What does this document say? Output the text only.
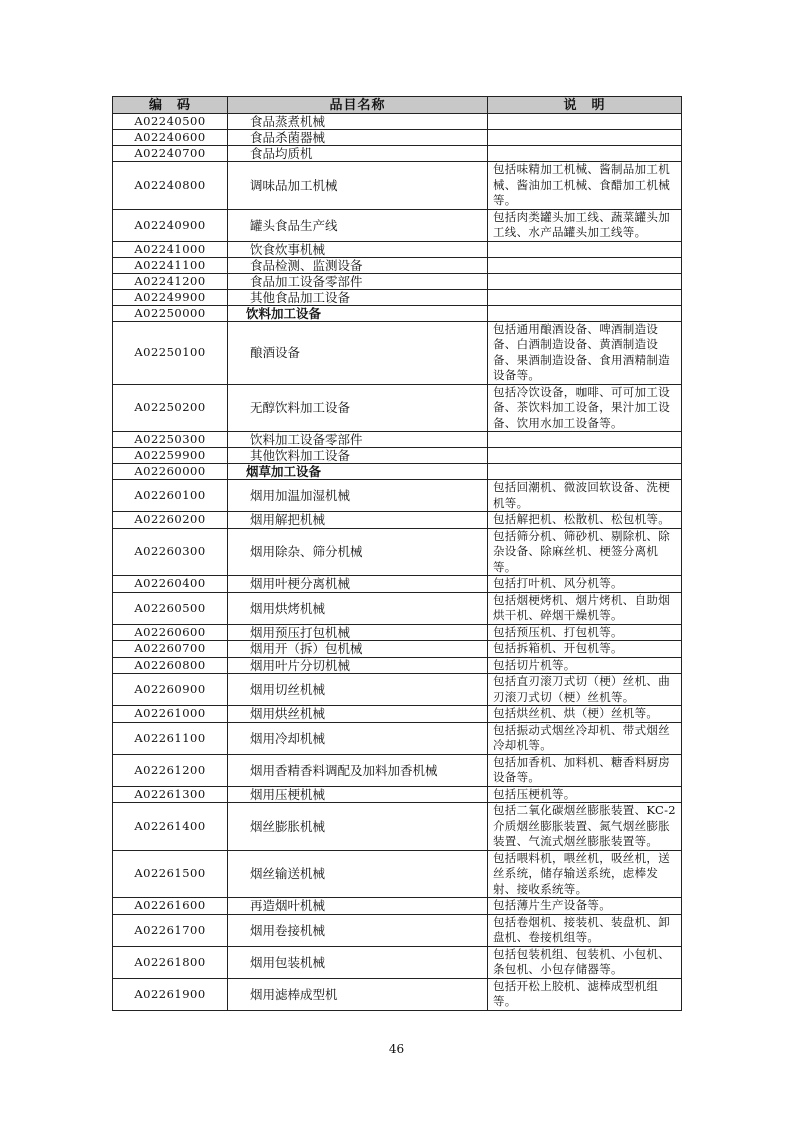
编　码	品目名称	说　明
A02240500	食品蒸煮机械	
A02240600	食品杀菌器械	
A02240700	食品均质机	
A02240800	调味品加工机械	包括味精加工机械、酱制品加工机械、酱油加工机械、食醋加工机械等。
A02240900	罐头食品生产线	包括肉类罐头加工线、蔬菜罐头加工线、水产品罐头加工线等。
A02241000	饮食炊事机械	
A02241100	食品检测、监测设备	
A02241200	食品加工设备零部件	
A02249900	其他食品加工设备	
A02250000	饮料加工设备	
A02250100	酿酒设备	包括通用酿酒设备、啤酒制造设备、白酒制造设备、黄酒制造设备、果酒制造设备、食用酒精制造设备等。
A02250200	无醇饮料加工设备	包括冷饮设备，咖啡、可可加工设备、茶饮料加工设备，果汁加工设备、饮用水加工设备等。
A02250300	饮料加工设备零部件	
A02259900	其他饮料加工设备	
A02260000	烟草加工设备	
A02260100	烟用加温加湿机械	包括回潮机、微波回软设备、洗梗机等。
A02260200	烟用解把机械	包括解把机、松散机、松包机等。
A02260300	烟用除杂、筛分机械	包括筛分机、筛砂机、剔除机、除杂设备、除麻丝机、梗签分离机等。
A02260400	烟用叶梗分离机械	包括打叶机、风分机等。
A02260500	烟用烘烤机械	包括烟梗烤机、烟片烤机、自助烟烘干机、碎烟干燥机等。
A02260600	烟用预压打包机械	包括预压机、打包机等。
A02260700	烟用开（拆）包机械	包括拆箱机、开包机等。
A02260800	烟用叶片分切机械	包括切片机等。
A02260900	烟用切丝机械	包括直刃滚刀式切（梗）丝机、曲刃滚刀式切（梗）丝机等。
A02261000	烟用烘丝机械	包括烘丝机、烘（梗）丝机等。
A02261100	烟用冷却机械	包括振动式烟丝冷却机、带式烟丝冷却机等。
A02261200	烟用香精香料调配及加料加香机械	包括加香机、加料机、糖香料厨房设备等。
A02261300	烟用压梗机械	包括压梗机等。
A02261400	烟丝膨胀机械	包括二氧化碳烟丝膨胀装置、KC-2介质烟丝膨胀装置、氮气烟丝膨胀装置、气流式烟丝膨胀装置等。
A02261500	烟丝输送机械	包括喂料机，喂丝机，吸丝机，送丝系统，储存输送系统，虑棒发射、接收系统等。
A02261600	再造烟叶机械	包括薄片生产设备等。
A02261700	烟用卷接机械	包括卷烟机、接装机、装盘机、卸盘机、卷接机组等。
A02261800	烟用包装机械	包括包装机组、包装机、小包机、条包机、小包存储器等。
A02261900	烟用滤棒成型机	包括开松上胶机、滤棒成型机组等。
46
